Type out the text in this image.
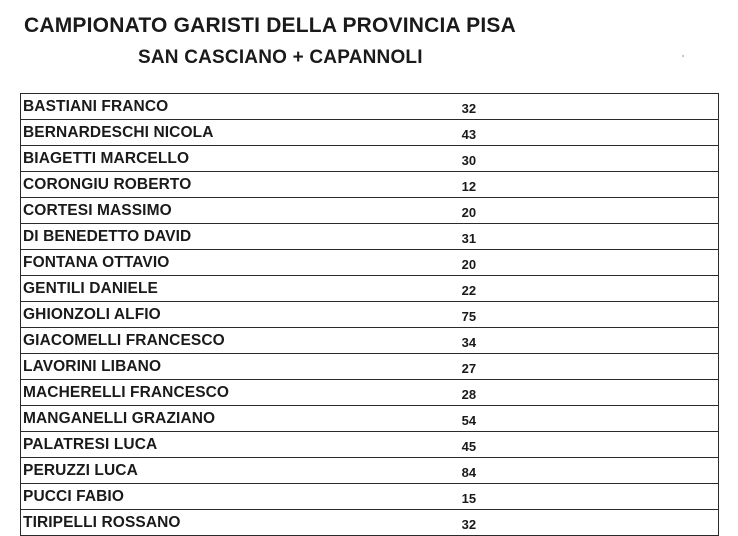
CAMPIONATO GARISTI DELLA PROVINCIA PISA
SAN CASCIANO + CAPANNOLI
BASTIANI FRANCO	32
BERNARDESCHI NICOLA	43
BIAGETTI MARCELLO	30
CORONGIU ROBERTO	12
CORTESI MASSIMO	20
DI BENEDETTO DAVID	31
FONTANA OTTAVIO	20
GENTILI DANIELE	22
GHIONZOLI ALFIO	75
GIACOMELLI FRANCESCO	34
LAVORINI LIBANO	27
MACHERELLI FRANCESCO	28
MANGANELLI GRAZIANO	54
PALATRESI LUCA	45
PERUZZI LUCA	84
PUCCI FABIO	15
TIRIPELLI ROSSANO	32
